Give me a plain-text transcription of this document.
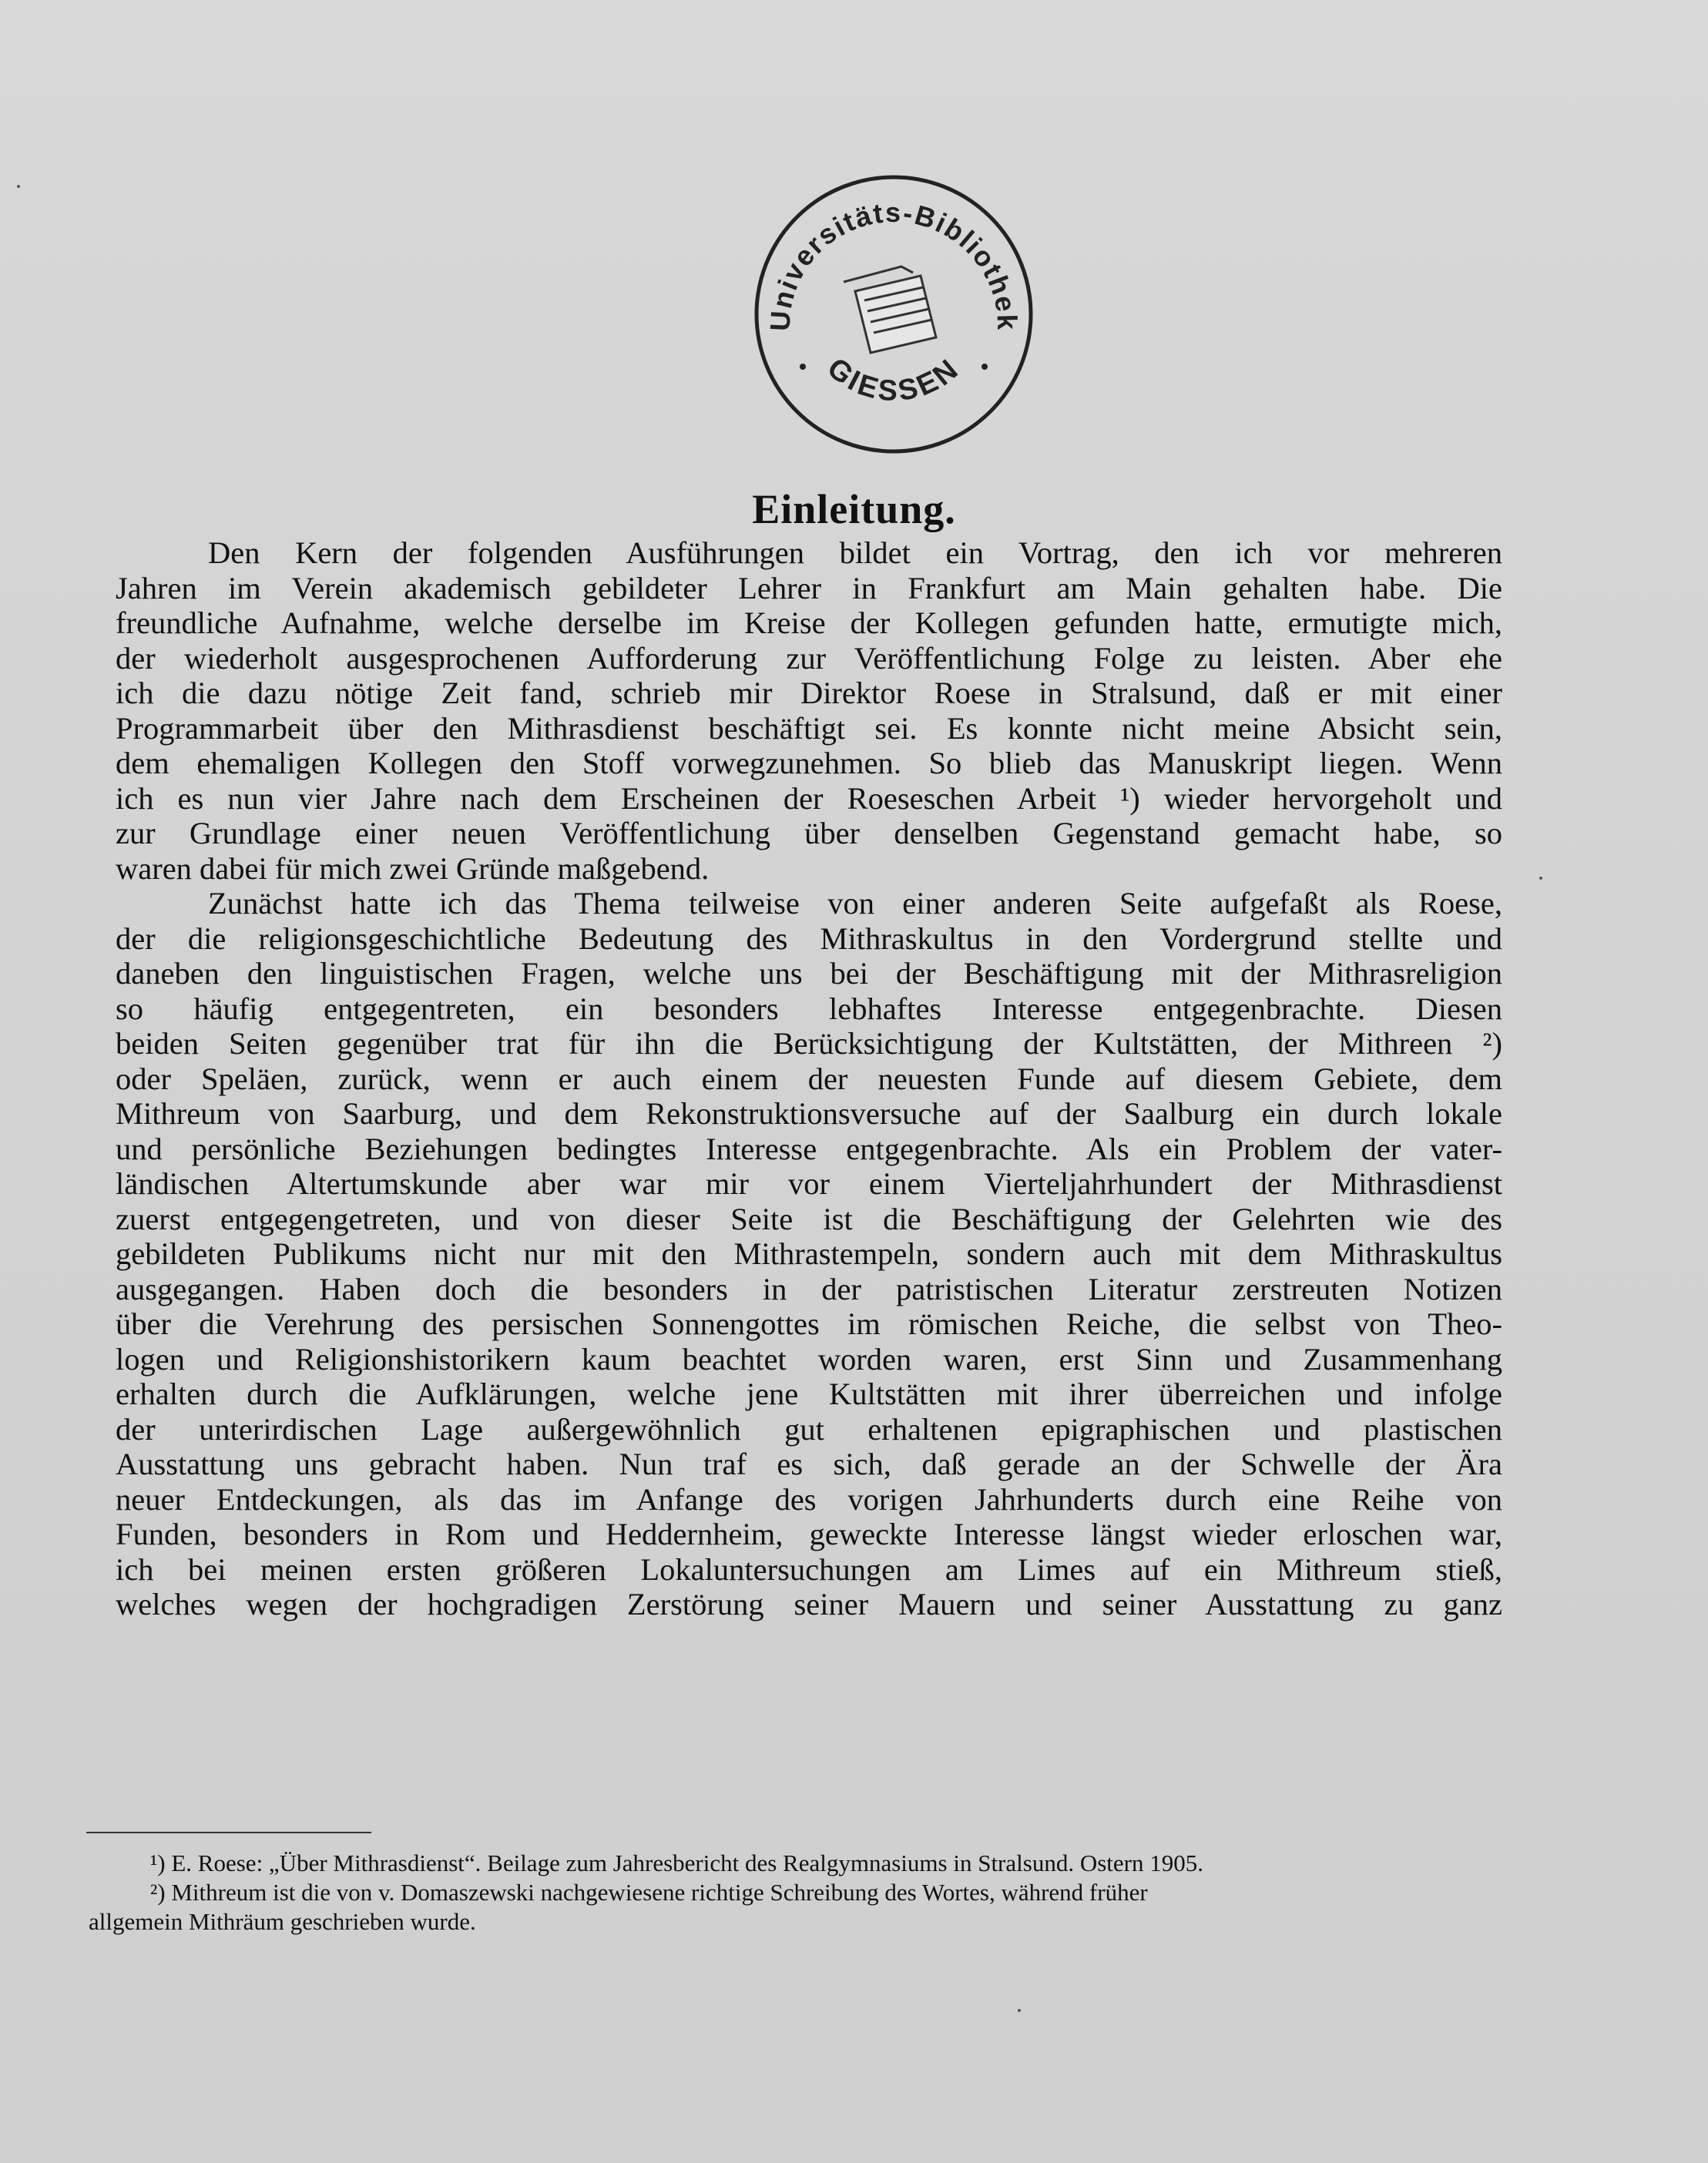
Universitäts-Bibliothek
GIESSEN
Einleitung.
Den Kern der folgenden Ausführungen bildet ein Vortrag, den ich vor mehreren
Jahren im Verein akademisch gebildeter Lehrer in Frankfurt am Main gehalten habe. Die
freundliche Aufnahme, welche derselbe im Kreise der Kollegen gefunden hatte, ermutigte mich,
der wiederholt ausgesprochenen Aufforderung zur Veröffentlichung Folge zu leisten. Aber ehe
ich die dazu nötige Zeit fand, schrieb mir Direktor Roese in Stralsund, daß er mit einer
Programmarbeit über den Mithrasdienst beschäftigt sei. Es konnte nicht meine Absicht sein,
dem ehemaligen Kollegen den Stoff vorwegzunehmen. So blieb das Manuskript liegen. Wenn
ich es nun vier Jahre nach dem Erscheinen der Roeseschen Arbeit ¹) wieder hervorgeholt und
zur Grundlage einer neuen Veröffentlichung über denselben Gegenstand gemacht habe, so
waren dabei für mich zwei Gründe maßgebend.
Zunächst hatte ich das Thema teilweise von einer anderen Seite aufgefaßt als Roese,
der die religionsgeschichtliche Bedeutung des Mithraskultus in den Vordergrund stellte und
daneben den linguistischen Fragen, welche uns bei der Beschäftigung mit der Mithrasreligion
so häufig entgegentreten, ein besonders lebhaftes Interesse entgegenbrachte. Diesen
beiden Seiten gegenüber trat für ihn die Berücksichtigung der Kultstätten, der Mithreen ²)
oder Speläen, zurück, wenn er auch einem der neuesten Funde auf diesem Gebiete, dem
Mithreum von Saarburg, und dem Rekonstruktionsversuche auf der Saalburg ein durch lokale
und persönliche Beziehungen bedingtes Interesse entgegenbrachte. Als ein Problem der vater-
ländischen Altertumskunde aber war mir vor einem Vierteljahrhundert der Mithrasdienst
zuerst entgegengetreten, und von dieser Seite ist die Beschäftigung der Gelehrten wie des
gebildeten Publikums nicht nur mit den Mithrastempeln, sondern auch mit dem Mithraskultus
ausgegangen. Haben doch die besonders in der patristischen Literatur zerstreuten Notizen
über die Verehrung des persischen Sonnengottes im römischen Reiche, die selbst von Theo-
logen und Religionshistorikern kaum beachtet worden waren, erst Sinn und Zusammenhang
erhalten durch die Aufklärungen, welche jene Kultstätten mit ihrer überreichen und infolge
der unterirdischen Lage außergewöhnlich gut erhaltenen epigraphischen und plastischen
Ausstattung uns gebracht haben. Nun traf es sich, daß gerade an der Schwelle der Ära
neuer Entdeckungen, als das im Anfange des vorigen Jahrhunderts durch eine Reihe von
Funden, besonders in Rom und Heddernheim, geweckte Interesse längst wieder erloschen war,
ich bei meinen ersten größeren Lokaluntersuchungen am Limes auf ein Mithreum stieß,
welches wegen der hochgradigen Zerstörung seiner Mauern und seiner Ausstattung zu ganz
¹) E. Roese: „Über Mithrasdienst“. Beilage zum Jahresbericht des Realgymnasiums in Stralsund. Ostern 1905.
²) Mithreum ist die von v. Domaszewski nachgewiesene richtige Schreibung des Wortes, während früher
allgemein Mithräum geschrieben wurde.
